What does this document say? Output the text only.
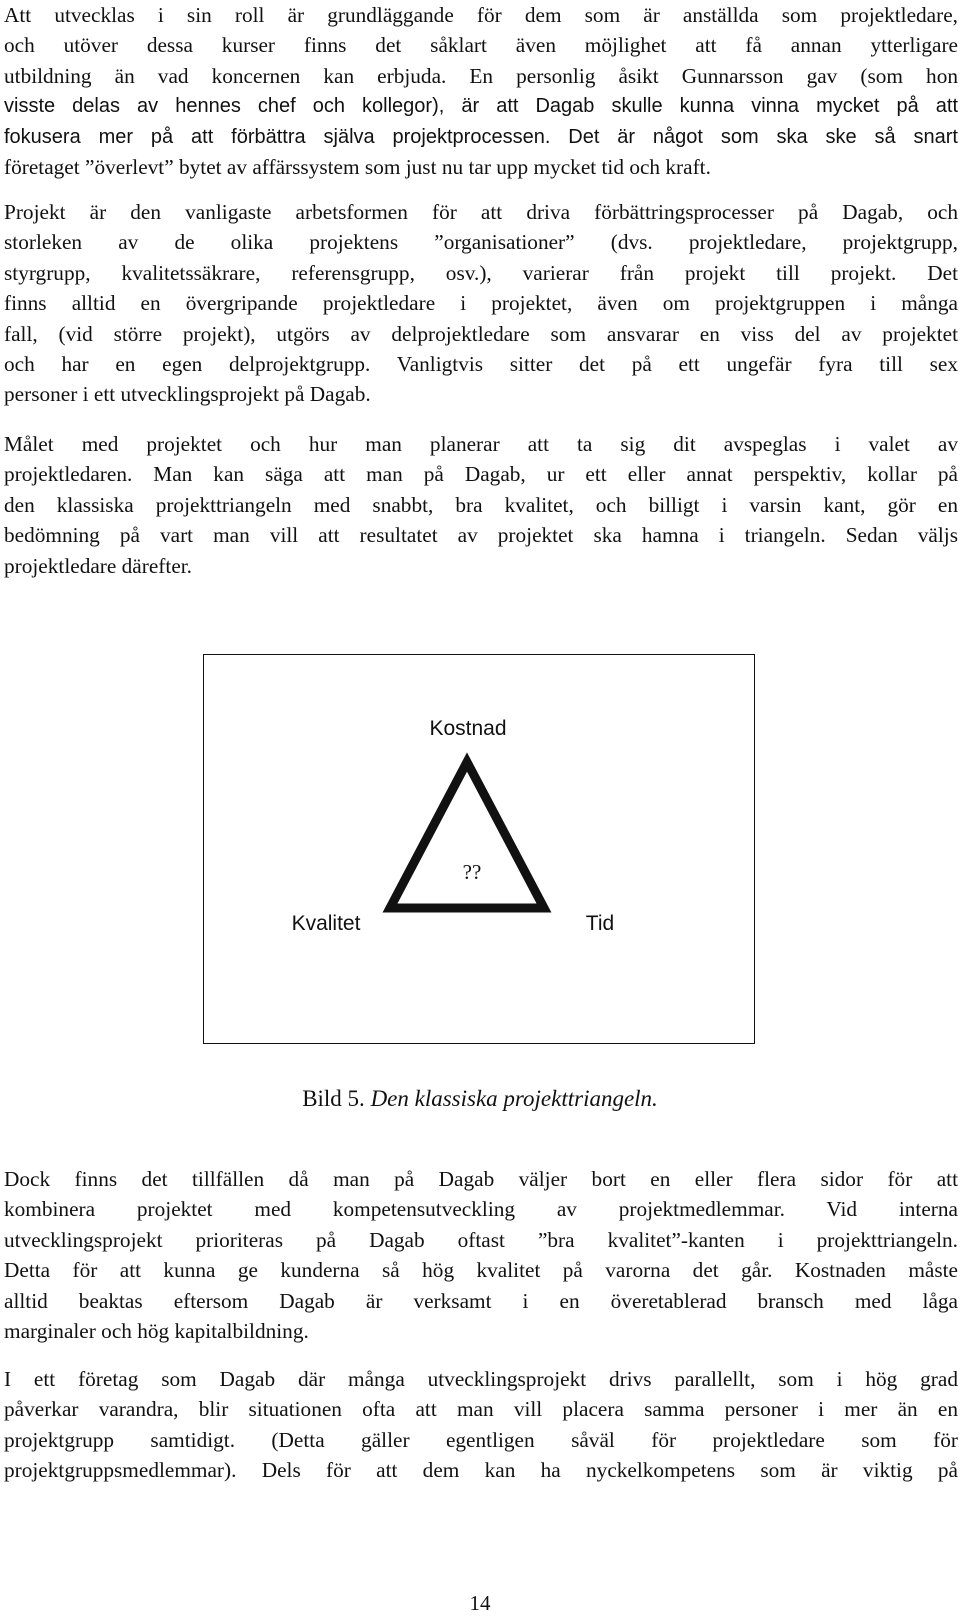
Att utvecklas i sin roll är grundläggande för dem som är anställda som projektledare,
och utöver dessa kurser finns det såklart även möjlighet att få annan ytterligare
utbildning än vad koncernen kan erbjuda. En personlig åsikt Gunnarsson gav (som hon
visste delas av hennes chef och kollegor), är att Dagab skulle kunna vinna mycket på att
fokusera mer på att förbättra själva projektprocessen. Det är något som ska ske så snart
företaget ”överlevt” bytet av affärssystem som just nu tar upp mycket tid och kraft.
Projekt är den vanligaste arbetsformen för att driva förbättringsprocesser på Dagab, och
storleken av de olika projektens ”organisationer” (dvs. projektledare, projektgrupp,
styrgrupp, kvalitetssäkrare, referensgrupp, osv.), varierar från projekt till projekt. Det
finns alltid en övergripande projektledare i projektet, även om projektgruppen i många
fall, (vid större projekt), utgörs av delprojektledare som ansvarar en viss del av projektet
och har en egen delprojektgrupp. Vanligtvis sitter det på ett ungefär fyra till sex
personer i ett utvecklingsprojekt på Dagab.
Målet med projektet och hur man planerar att ta sig dit avspeglas i valet av
projektledaren. Man kan säga att man på Dagab, ur ett eller annat perspektiv, kollar på
den klassiska projekttriangeln med snabbt, bra kvalitet, och billigt i varsin kant, gör en
bedömning på vart man vill att resultatet av projektet ska hamna i triangeln. Sedan väljs
projektledare därefter.
Kostnad
??
Kvalitet	Tid
Bild 5. Den klassiska projekttriangeln.
Dock finns det tillfällen då man på Dagab väljer bort en eller flera sidor för att
kombinera projektet med kompetensutveckling av projektmedlemmar. Vid interna
utvecklingsprojekt prioriteras på Dagab oftast ”bra kvalitet”-kanten i projekttriangeln.
Detta för att kunna ge kunderna så hög kvalitet på varorna det går. Kostnaden måste
alltid beaktas eftersom Dagab är verksamt i en överetablerad bransch med låga
marginaler och hög kapitalbildning.
I ett företag som Dagab där många utvecklingsprojekt drivs parallellt, som i hög grad
påverkar varandra, blir situationen ofta att man vill placera samma personer i mer än en
projektgrupp samtidigt. (Detta gäller egentligen såväl för projektledare som för
projektgruppsmedlemmar). Dels för att dem kan ha nyckelkompetens som är viktig på
14
